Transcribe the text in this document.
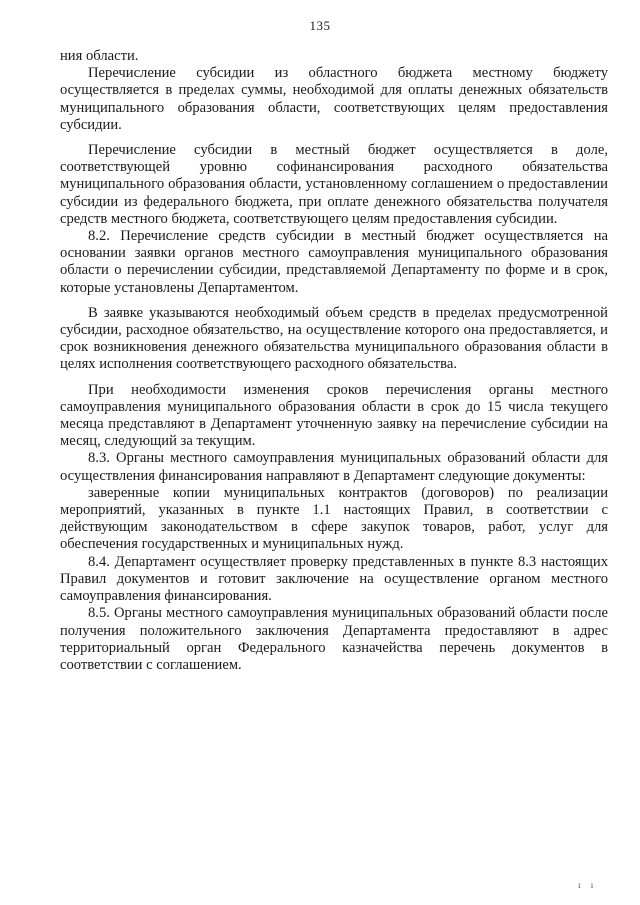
135

ния области.

Перечисление субсидии из областного бюджета местному бюджету осуществляется в пределах суммы, необходимой для оплаты денежных обязательств муниципального образования области, соответствующих целям предоставления субсидии.

Перечисление субсидии в местный бюджет осуществляется в доле, соответствующей уровню софинансирования расходного обязательства муниципального образования области, установленному соглашением о предоставлении субсидии из федерального бюджета, при оплате денежного обязательства получателя средств местного бюджета, соответствующего целям предоставления субсидии.

8.2. Перечисление средств субсидии в местный бюджет осуществляется на основании заявки органов местного самоуправления муниципального образования области о перечислении субсидии, представляемой Департаменту по форме и в срок, которые установлены Департаментом.

В заявке указываются необходимый объем средств в пределах предусмотренной субсидии, расходное обязательство, на осуществление которого она предоставляется, и срок возникновения денежного обязательства муниципального образования области в целях исполнения соответствующего расходного обязательства.

При необходимости изменения сроков перечисления органы местного самоуправления муниципального образования области в срок до 15 числа текущего месяца представляют в Департамент уточненную заявку на перечисление субсидии на месяц, следующий за текущим.

8.3. Органы местного самоуправления муниципальных образований области для осуществления финансирования направляют в Департамент следующие документы:

заверенные копии муниципальных контрактов (договоров) по реализации мероприятий, указанных в пункте 1.1 настоящих Правил, в соответствии с действующим законодательством в сфере закупок товаров, работ, услуг для обеспечения государственных и муниципальных нужд.

8.4. Департамент осуществляет проверку представленных в пункте 8.3 настоящих Правил документов и готовит заключение на осуществление органом местного самоуправления финансирования.

8.5. Органы местного самоуправления муниципальных образований области после получения положительного заключения Департамента предоставляют в адрес территориальный орган Федерального казначейства перечень документов в соответствии с соглашением.

ı ı
